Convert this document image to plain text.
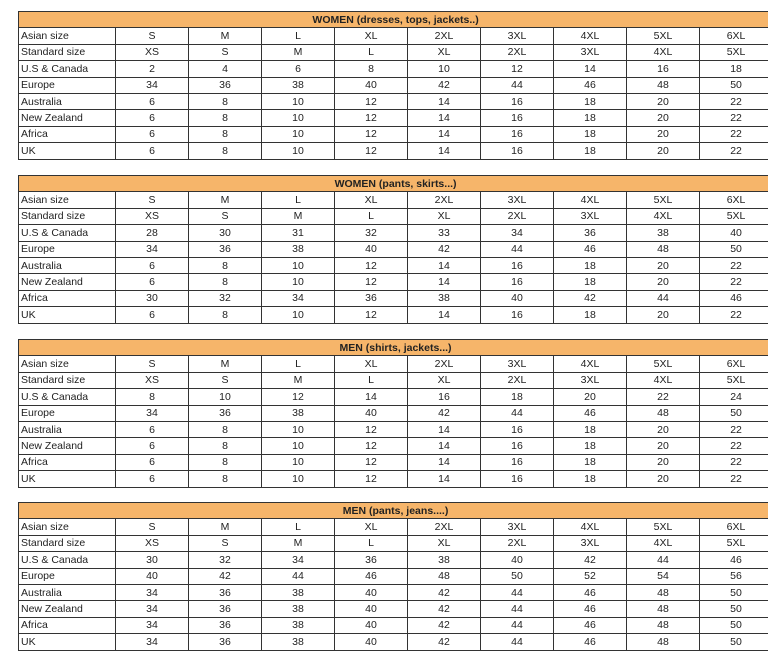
WOMEN (dresses, tops, jackets..)									
Asian size	S	M	L	XL	2XL	3XL	4XL	5XL	6XL
Standard size	XS	S	M	L	XL	2XL	3XL	4XL	5XL
U.S & Canada	2	4	6	8	10	12	14	16	18
Europe	34	36	38	40	42	44	46	48	50
Australia	6	8	10	12	14	16	18	20	22
New Zealand	6	8	10	12	14	16	18	20	22
Africa	6	8	10	12	14	16	18	20	22
UK	6	8	10	12	14	16	18	20	22
WOMEN (pants, skirts...)									
Asian size	S	M	L	XL	2XL	3XL	4XL	5XL	6XL
Standard size	XS	S	M	L	XL	2XL	3XL	4XL	5XL
U.S & Canada	28	30	31	32	33	34	36	38	40
Europe	34	36	38	40	42	44	46	48	50
Australia	6	8	10	12	14	16	18	20	22
New Zealand	6	8	10	12	14	16	18	20	22
Africa	30	32	34	36	38	40	42	44	46
UK	6	8	10	12	14	16	18	20	22
MEN (shirts, jackets...)									
Asian size	S	M	L	XL	2XL	3XL	4XL	5XL	6XL
Standard size	XS	S	M	L	XL	2XL	3XL	4XL	5XL
U.S & Canada	8	10	12	14	16	18	20	22	24
Europe	34	36	38	40	42	44	46	48	50
Australia	6	8	10	12	14	16	18	20	22
New Zealand	6	8	10	12	14	16	18	20	22
Africa	6	8	10	12	14	16	18	20	22
UK	6	8	10	12	14	16	18	20	22
MEN (pants, jeans....)									
Asian size	S	M	L	XL	2XL	3XL	4XL	5XL	6XL
Standard size	XS	S	M	L	XL	2XL	3XL	4XL	5XL
U.S & Canada	30	32	34	36	38	40	42	44	46
Europe	40	42	44	46	48	50	52	54	56
Australia	34	36	38	40	42	44	46	48	50
New Zealand	34	36	38	40	42	44	46	48	50
Africa	34	36	38	40	42	44	46	48	50
UK	34	36	38	40	42	44	46	48	50
